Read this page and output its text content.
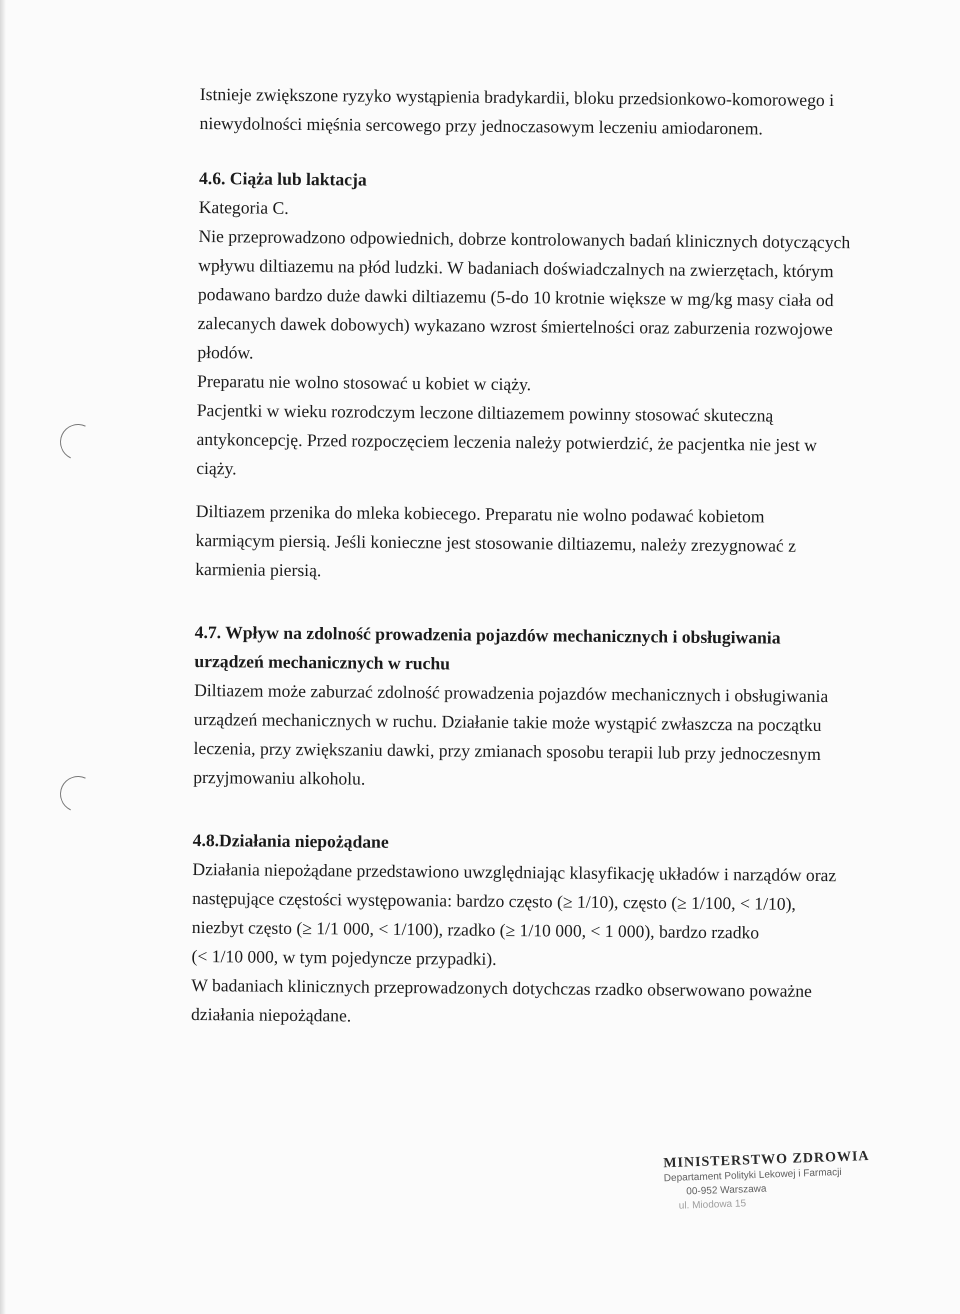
Istnieje zwiększone ryzyko wystąpienia bradykardii, bloku przedsionkowo-komorowego i

niewydolności mięśnia sercowego przy jednoczasowym leczeniu amiodaronem.

4.6. Ciąża lub laktacja

Kategoria C.

Nie przeprowadzono odpowiednich, dobrze kontrolowanych badań klinicznych dotyczących

wpływu diltiazemu na płód ludzki. W badaniach doświadczalnych na zwierzętach, którym

podawano bardzo duże dawki diltiazemu (5-do 10 krotnie większe w mg/kg masy ciała od

zalecanych dawek dobowych) wykazano wzrost śmiertelności oraz zaburzenia rozwojowe

płodów.

Preparatu nie wolno stosować u kobiet w ciąży.

Pacjentki w wieku rozrodczym leczone diltiazemem powinny stosować skuteczną

antykoncepcję. Przed rozpoczęciem leczenia należy potwierdzić, że pacjentka nie jest w

ciąży.

Diltiazem przenika do mleka kobiecego. Preparatu nie wolno podawać kobietom

karmiącym piersią. Jeśli konieczne jest stosowanie diltiazemu, należy zrezygnować z

karmienia piersią.

4.7. Wpływ na zdolność prowadzenia pojazdów mechanicznych i obsługiwania
urządzeń mechanicznych w ruchu

Diltiazem może zaburzać zdolność prowadzenia pojazdów mechanicznych i obsługiwania

urządzeń mechanicznych w ruchu. Działanie takie może wystąpić zwłaszcza na początku

leczenia, przy zwiększaniu dawki, przy zmianach sposobu terapii lub przy jednoczesnym

przyjmowaniu alkoholu.

4.8.Działania niepożądane

Działania niepożądane przedstawiono uwzględniając klasyfikację układów i narządów oraz

następujące częstości występowania: bardzo często (≥ 1/10), często (≥ 1/100, < 1/10),

niezbyt często (≥ 1/1 000, < 1/100), rzadko (≥ 1/10 000, < 1 000), bardzo rzadko

(< 1/10 000, w tym pojedyncze przypadki).

W badaniach klinicznych przeprowadzonych dotychczas rzadko obserwowano poważne

działania niepożądane.

MINISTERSTWO ZDROWIA
Departament Polityki Lekowej i Farmacji
00-952 Warszawa
ul. Miodowa 15
